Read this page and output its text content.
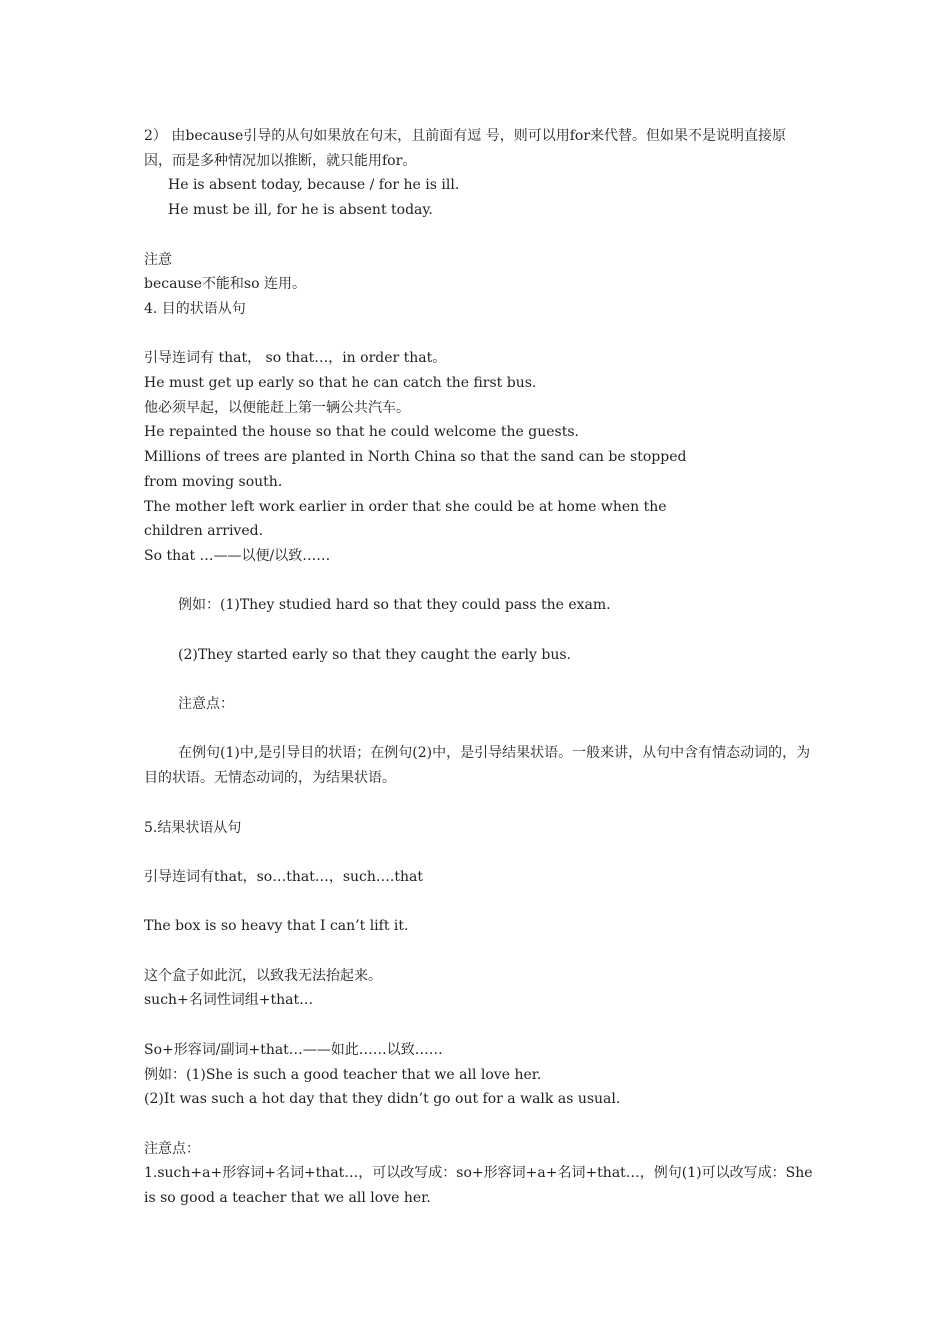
2） 由because引导的从句如果放在句末，且前面有逗 号，则可以用for来代替。但如果不是说明直接原因，而是多种情况加以推断，就只能用for。
He is absent today, because / for he is ill.
He must be ill, for he is absent today.
注意
because不能和so 连用。
4. 目的状语从句
引导连词有 that， so that…，in order that。
He must get up early so that he can catch the first bus.
他必须早起，以便能赶上第一辆公共汽车。
He repainted the house so that he could welcome the guests.
Millions of trees are planted in North China so that the sand can be stopped
from moving south.
The mother left work earlier in order that she could be at home when the
children arrived.
So that …——以便/以致……
例如：(1)They studied hard so that they could pass the exam.
(2)They started early so that they caught the early bus.
注意点：
在例句(1)中,是引导目的状语；在例句(2)中，是引导结果状语。一般来讲，从句中含有情态动词的，为目的状语。无情态动词的，为结果状语。
5.结果状语从句
引导连词有that，so…that…，such….that
The box is so heavy that I can’t lift it.
这个盒子如此沉，以致我无法抬起来。
such+名词性词组+that…
So+形容词/副词+that…——如此……以致……
例如：(1)She is such a good teacher that we all love her.
(2)It was such a hot day that they didn’t go out for a walk as usual.
注意点：
1.such+a+形容词+名词+that…，可以改写成：so+形容词+a+名词+that…，例句(1)可以改写成：She is so good a teacher that we all love her.
